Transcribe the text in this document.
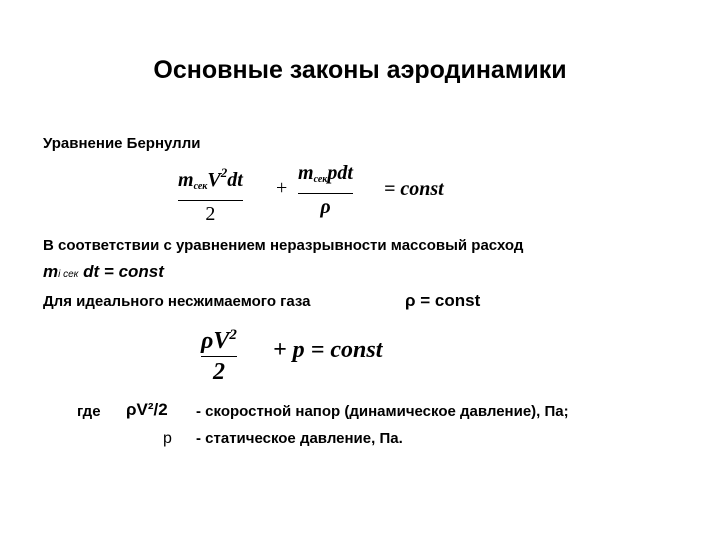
Основные законы аэродинамики
Уравнение Бернулли
$m_{сек}V^2dt$
2
+
$m_{сек}pdt$
ρ
= const
В соответствии с уравнением неразрывности массовый расход
mi сек dt = const
Для идеального несжимаемого газа	ρ = const
$\rho V^2$
2
+ p = const
где ρV²/2 - скоростной напор (динамическое давление), Па;
p - статическое давление, Па.
